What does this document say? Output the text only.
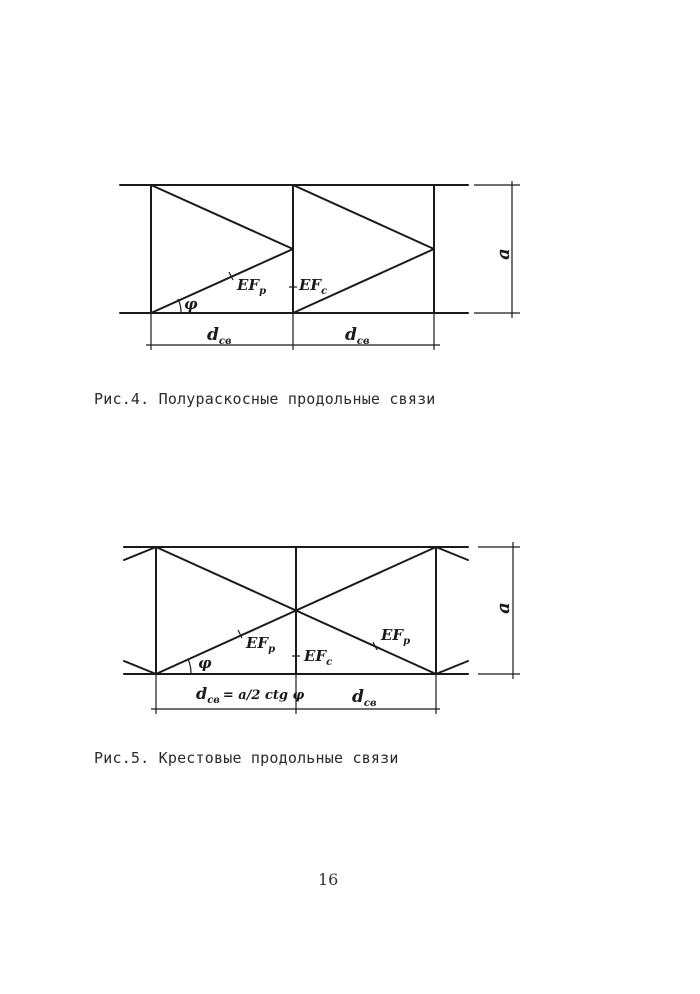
a
φ
$EF_p$ $EF_c$
$d_{cв}$	$d_{cв}$
a
φ
$EF_p$
$EF_p$
$EF_c$
$d_{cв}$ $^{= a/2 ctg \varphi}$	$d_{cв}$
Рис.4. Полураскосные продольные связи
Рис.5. Крестовые продольные связи
16
